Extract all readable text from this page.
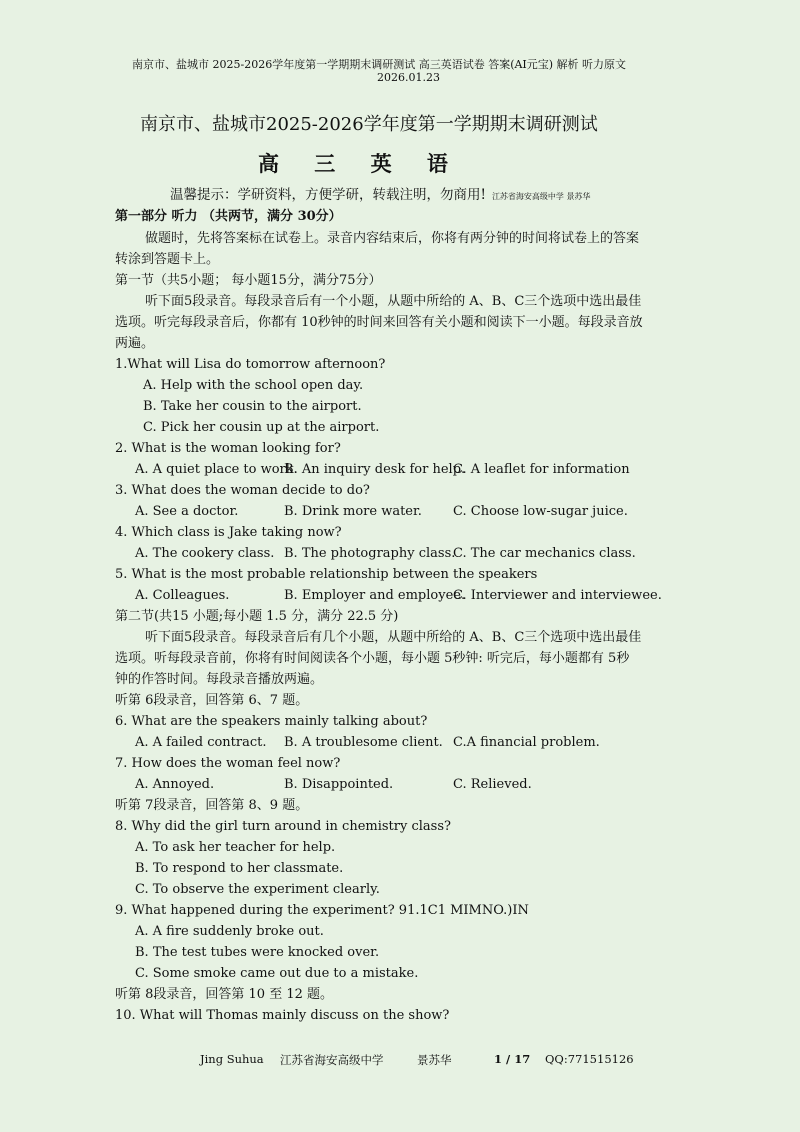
南京市、盐城市 2025-2026学年度第一学期期末调研测试 高三英语试卷 答案(AI元宝) 解析 听力原文
2026.01.23
南京市、盐城市2025-2026学年度第一学期期末调研测试
高 三 英 语
温馨提示：学研资料，方便学研，转载注明，勿商用! 江苏省海安高级中学 景苏华
第一部分 听力 （共两节，满分 30分）
做题时，先将答案标在试卷上。录音内容结束后，你将有两分钟的时间将试卷上的答案
转涂到答题卡上。
第一节（共5小题； 每小题15分，满分75分）
听下面5段录音。每段录音后有一个小题，从题中所给的 A、B、C三个选项中选出最佳
选项。听完每段录音后，你都有 10秒钟的时间来回答有关小题和阅读下一小题。每段录音放
两遍。
1.What will Lisa do tomorrow afternoon?
A. Help with the school open day.
B. Take her cousin to the airport.
C. Pick her cousin up at the airport.
2. What is the woman looking for?
A. A quiet place to work.
B. An inquiry desk for help.
C. A leaflet for information
3. What does the woman decide to do?
A. See a doctor.	B. Drink more water. C. Choose low-sugar juice.
4. Which class is Jake taking now?
A. The cookery class. B. The photography class.
C. The car mechanics class.
5. What is the most probable relationship between the speakers
A. Colleagues.	B. Employer and employee.
C. Interviewer and interviewee.
第二节(共15 小题;每小题 1.5 分，满分 22.5 分)
听下面5段录音。每段录音后有几个小题，从题中所给的 A、B、C三个选项中选出最佳
选项。听每段录音前，你将有时间阅读各个小题，每小题 5秒钟: 听完后，每小题都有 5秒
钟的作答时间。每段录音播放两遍。
听第 6段录音，回答第 6、7 题。
6. What are the speakers mainly talking about?
A. A failed contract. B. A troublesome client. C.A financial problem.
7. How does the woman feel now?
A. Annoyed.	B. Disappointed.	C. Relieved.
听第 7段录音，回答第 8、9 题。
8. Why did the girl turn around in chemistry class?
A. To ask her teacher for help.
B. To respond to her classmate.
C. To observe the experiment clearly.
9. What happened during the experiment? 91.1C1 MIMNO.)IN
A. A fire suddenly broke out.
B. The test tubes were knocked over.
C. Some smoke came out due to a mistake.
听第 8段录音，回答第 10 至 12 题。
10. What will Thomas mainly discuss on the show?
Jing Suhua 江苏省海安高级中学	景苏华	1 / 17 QQ:771515126
